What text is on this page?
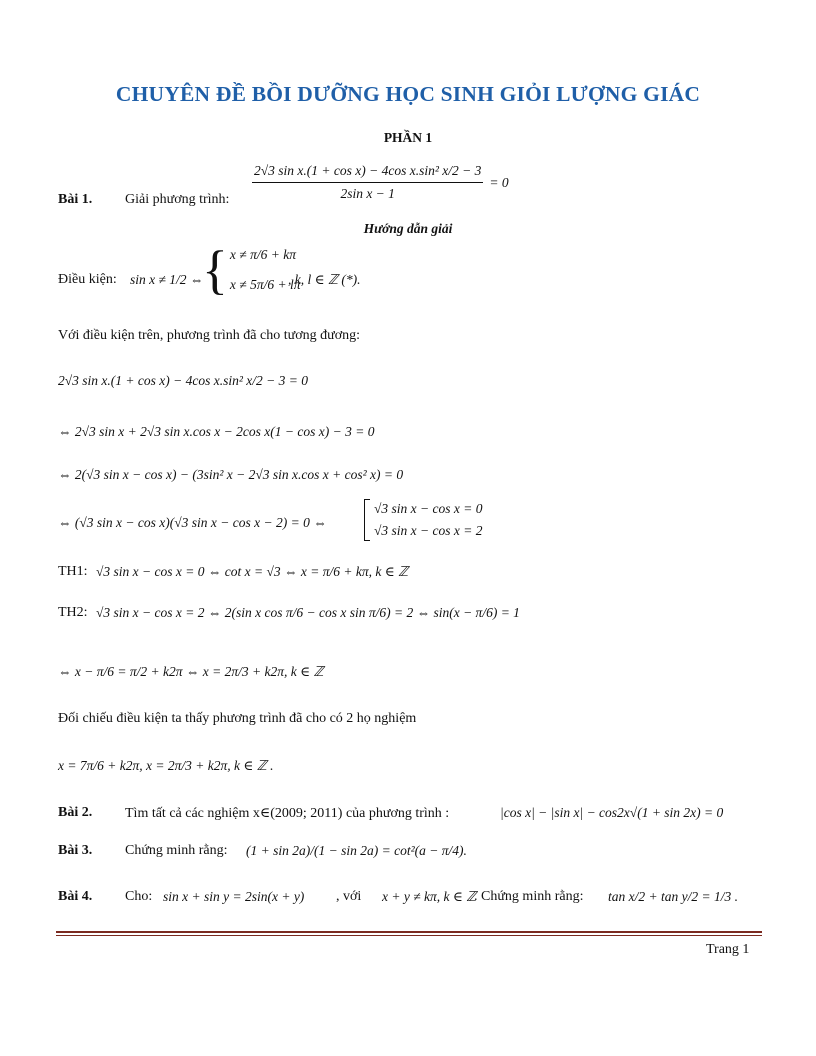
CHUYÊN ĐỀ BỒI DƯỠNG HỌC SINH GIỎI LƯỢNG GIÁC
PHẦN 1
Bài 1. Giải phương trình: $\frac{\text{2√3 sin x.(1 + cos x) − 4cos x.sin² x/2 − 3}}{\text{2sin x − 1}} = 0$
Hướng dẫn giải
Điều kiện: sin x ≠ 1/2 ⇔
{ x ≠ π/6 + kπ
x ≠ 5π/6 + lπ
, k, l ∈ ℤ (*).
Với điều kiện trên, phương trình đã cho tương đương:
2√3 sin x.(1 + cos x) − 4cos x.sin² x/2 − 3 = 0
⇔ 2√3 sin x + 2√3 sin x.cos x − 2cos x(1 − cos x) − 3 = 0
⇔ 2(√3 sin x − cos x) − (3sin² x − 2√3 sin x.cos x + cos² x) = 0
⇔ (√3 sin x − cos x)(√3 sin x − cos x − 2) = 0 ⇔
√3 sin x − cos x = 0
√3 sin x − cos x = 2
TH1: √3 sin x − cos x = 0 ⇔ cot x = √3 ⇔ x = π/6 + kπ, k ∈ ℤ
TH2: √3 sin x − cos x = 2 ⇔ 2(sin x cos π/6 − cos x sin π/6) = 2 ⇔ sin(x − π/6) = 1
⇔ x − π/6 = π/2 + k2π ⇔ x = 2π/3 + k2π, k ∈ ℤ
Đối chiếu điều kiện ta thấy phương trình đã cho có 2 họ nghiệm
x = 7π/6 + k2π, x = 2π/3 + k2π, k ∈ ℤ .
Bài 2. Tìm tất cả các nghiệm x∈(2009; 2011) của phương trình :	|cos x| − |sin x| − cos2x√(1 + sin 2x) = 0
Bài 3. Chứng minh rằng: (1 + sin 2a)/(1 − sin 2a) = cot²(a − π/4).
Bài 4. Cho: sin x + sin y = 2sin(x + y) , với x + y ≠ kπ, k ∈ ℤ
. Chứng minh rằng: tan x/2 + tan y/2 = 1/3 .
Trang 1
